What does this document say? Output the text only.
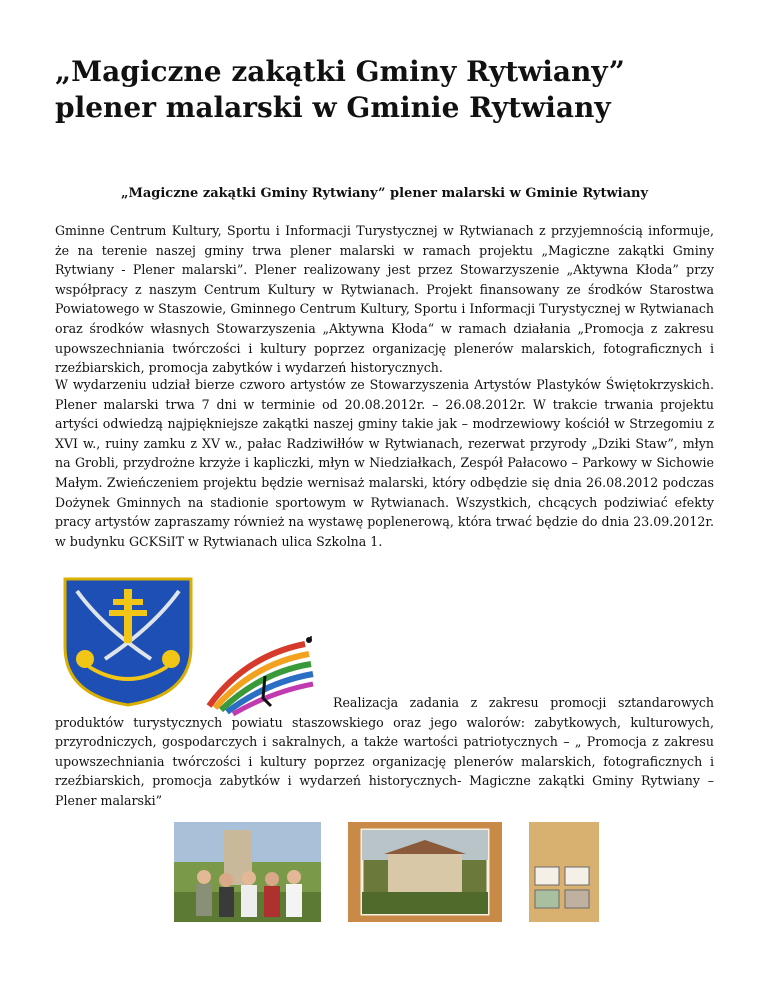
„Magiczne zakątki Gminy Rytwiany” plener malarski w Gminie Rytwiany
„Magiczne zakątki Gminy Rytwiany” plener malarski w Gminie Rytwiany

Gminne Centrum Kultury, Sportu i Informacji Turystycznej w Rytwianach z przyjemnością informuje, że na terenie naszej gminy trwa plener malarski w ramach projektu „Magiczne zakątki Gminy Rytwiany - Plener malarski”. Plener realizowany jest przez Stowarzyszenie „Aktywna Kłoda” przy współpracy z naszym Centrum Kultury w Rytwianach. Projekt finansowany ze środków Starostwa Powiatowego w Staszowie, Gminnego Centrum Kultury, Sportu i Informacji Turystycznej w Rytwianach oraz środków własnych Stowarzyszenia „Aktywna Kłoda“ w ramach działania „Promocja z zakresu upowszechniania twórczości i kultury poprzez organizację plenerów malarskich, fotograficznych i rzeźbiarskich, promocja zabytków i wydarzeń historycznych.

W wydarzeniu udział bierze czworo artystów ze Stowarzyszenia Artystów Plastyków Świętokrzyskich. Plener malarski trwa 7 dni w terminie od 20.08.2012r. – 26.08.2012r. W trakcie trwania projektu artyści odwiedzą najpiękniejsze zakątki naszej gminy takie jak – modrzewiowy kościół w Strzegomiu z XVI w., ruiny zamku z XV w., pałac Radziwiłłów w Rytwianach, rezerwat przyrody „Dziki Staw”, młyn na Grobli, przydrożne krzyże i kapliczki, młyn w Niedziałkach, Zespół Pałacowo – Parkowy w Sichowie Małym. Zwieńczeniem projektu będzie wernisaż malarski, który odbędzie się dnia 26.08.2012 podczas Dożynek Gminnych na stadionie sportowym w Rytwianach. Wszystkich, chcących podziwiać efekty pracy artystów zapraszamy również na wystawę poplenerową, która trwać będzie do dnia 23.09.2012r. w budynku GCKSiIT w Rytwianach ulica Szkolna 1.

Realizacja zadania z zakresu promocji sztandarowych produktów turystycznych powiatu staszowskiego oraz jego walorów: zabytkowych, kulturowych, przyrodniczych, gospodarczych i sakralnych, a także wartości patriotycznych – „ Promocja z zakresu upowszechniania twórczości i kultury poprzez organizację plenerów malarskich, fotograficznych i rzeźbiarskich, promocja zabytków i wydarzeń historycznych- Magiczne zakątki Gminy Rytwiany – Plener malarski”
